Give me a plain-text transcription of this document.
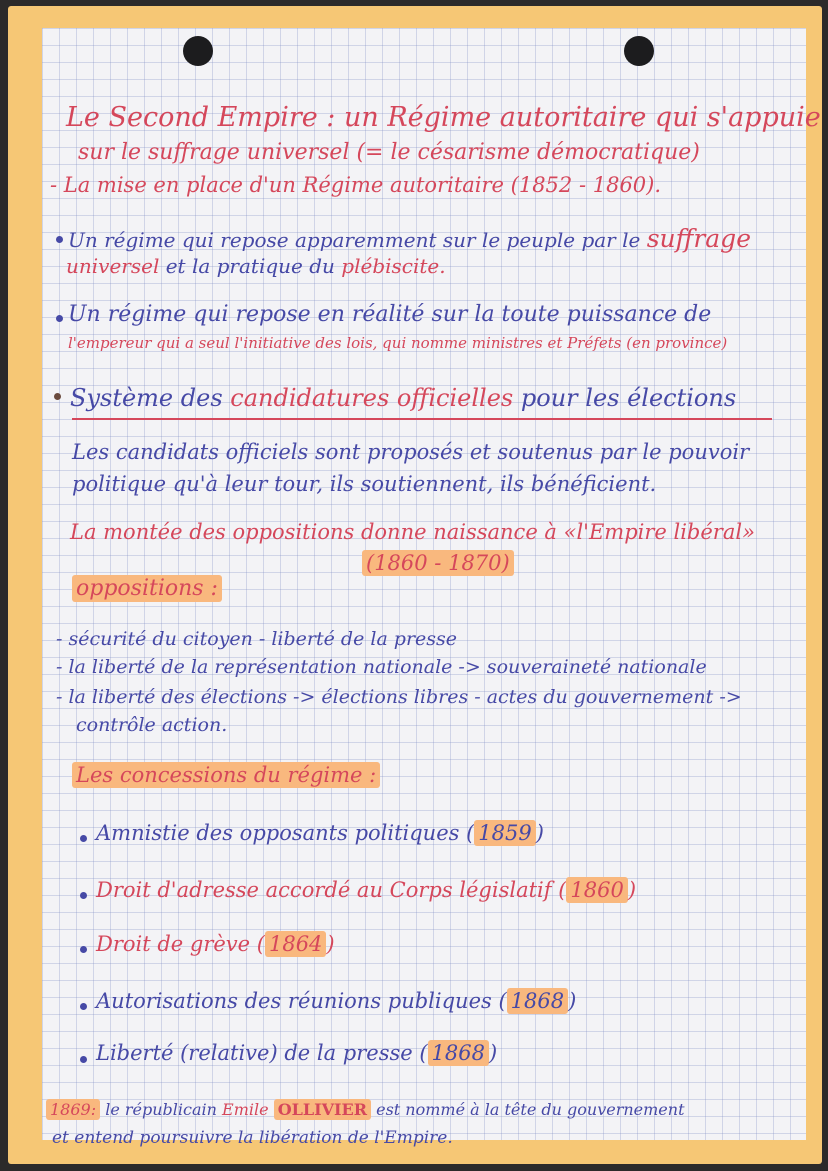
Le Second Empire : un Régime autoritaire qui s'appuie
sur le suffrage universel (= le césarisme démocratique)
- La mise en place d'un Régime autoritaire (1852 - 1860).
Un régime qui repose apparemment sur le peuple par le suffrage
universel et la pratique du plébiscite.
Un régime qui repose en réalité sur la toute puissance de
l'empereur qui a seul l'initiative des lois, qui nomme ministres et Préfets (en province)
Système des candidatures officielles pour les élections
Les candidats officiels sont proposés et soutenus par le pouvoir
politique qu'à leur tour, ils soutiennent, ils bénéficient.
La montée des oppositions donne naissance à «l'Empire libéral»
(1860 - 1870)
oppositions :
- sécurité du citoyen - liberté de la presse
- la liberté de la représentation nationale -> souveraineté nationale
- la liberté des élections -> élections libres - actes du gouvernement ->
contrôle action.
Les concessions du régime :
Amnistie des opposants politiques ( 1859 )
Droit d'adresse accordé au Corps législatif ( 1860 )
Droit de grève ( 1864 )
Autorisations des réunions publiques ( 1868 )
Liberté (relative) de la presse ( 1868 )
1869: le républicain Emile OLLIVIER est nommé à la tête du gouvernement
et entend poursuivre la libération de l'Empire.
